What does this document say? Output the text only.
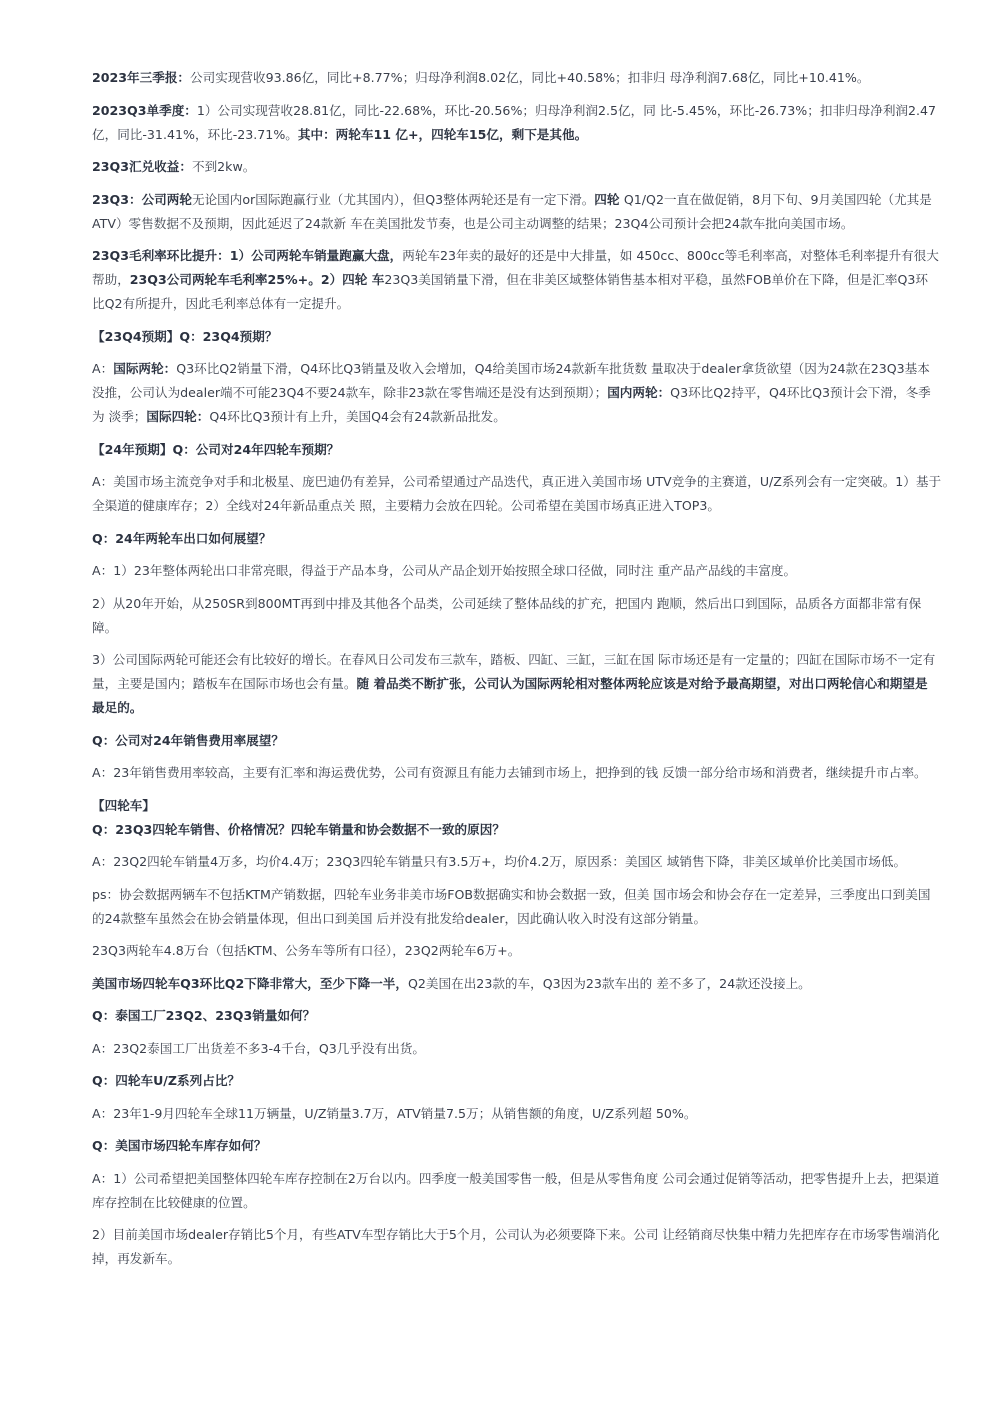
2023年三季报：公司实现营收93.86亿，同比+8.77%；归母净利润8.02亿，同比+40.58%；扣非归 母净利润7.68亿，同比+10.41%。
2023Q3单季度：1）公司实现营收28.81亿，同比-22.68%，环比-20.56%；归母净利润2.5亿，同 比-5.45%，环比-26.73%；扣非归母净利润2.47亿，同比-31.41%，环比-23.71%。其中：两轮车11 亿+，四轮车15亿，剩下是其他。
23Q3汇兑收益：不到2kw。
23Q3：公司两轮无论国内or国际跑赢行业（尤其国内），但Q3整体两轮还是有一定下滑。四轮 Q1/Q2一直在做促销，8月下旬、9月美国四轮（尤其是ATV）零售数据不及预期，因此延迟了24款新 车在美国批发节奏，也是公司主动调整的结果；23Q4公司预计会把24款车批向美国市场。
23Q3毛利率环比提升：1）公司两轮车销量跑赢大盘，两轮车23年卖的最好的还是中大排量，如 450cc、800cc等毛利率高，对整体毛利率提升有很大帮助，23Q3公司两轮车毛利率25%+。2）四轮 车23Q3美国销量下滑，但在非美区域整体销售基本相对平稳，虽然FOB单价在下降，但是汇率Q3环 比Q2有所提升，因此毛利率总体有一定提升。
【23Q4预期】Q：23Q4预期？
A：国际两轮：Q3环比Q2销量下滑，Q4环比Q3销量及收入会增加，Q4给美国市场24款新车批货数 量取决于dealer拿货欲望（因为24款在23Q3基本没推，公司认为dealer端不可能23Q4不要24款车，除非23款在零售端还是没有达到预期）；国内两轮：Q3环比Q2持平，Q4环比Q3预计会下滑，冬季为 淡季；国际四轮：Q4环比Q3预计有上升，美国Q4会有24款新品批发。
【24年预期】Q：公司对24年四轮车预期？
A：美国市场主流竞争对手和北极星、庞巴迪仍有差异，公司希望通过产品迭代，真正进入美国市场 UTV竞争的主赛道，U/Z系列会有一定突破。1）基于全渠道的健康库存；2）全线对24年新品重点关 照，主要精力会放在四轮。公司希望在美国市场真正进入TOP3。
Q：24年两轮车出口如何展望？
A：1）23年整体两轮出口非常亮眼，得益于产品本身，公司从产品企划开始按照全球口径做，同时注 重产品产品线的丰富度。
2）从20年开始，从250SR到800MT再到中排及其他各个品类，公司延续了整体品线的扩充，把国内 跑顺，然后出口到国际，品质各方面都非常有保障。
3）公司国际两轮可能还会有比较好的增长。在春风日公司发布三款车，踏板、四缸、三缸，三缸在国 际市场还是有一定量的；四缸在国际市场不一定有量，主要是国内；踏板车在国际市场也会有量。随 着品类不断扩张，公司认为国际两轮相对整体两轮应该是对给予最高期望，对出口两轮信心和期望是 最足的。
Q：公司对24年销售费用率展望？
A：23年销售费用率较高，主要有汇率和海运费优势，公司有资源且有能力去铺到市场上，把挣到的钱 反馈一部分给市场和消费者，继续提升市占率。
【四轮车】
Q：23Q3四轮车销售、价格情况？四轮车销量和协会数据不一致的原因？
A：23Q2四轮车销量4万多，均价4.4万；23Q3四轮车销量只有3.5万+，均价4.2万，原因系：美国区 域销售下降，非美区域单价比美国市场低。
ps：协会数据两辆车不包括KTM产销数据，四轮车业务非美市场FOB数据确实和协会数据一致，但美 国市场会和协会存在一定差异，三季度出口到美国的24款整车虽然会在协会销量体现，但出口到美国 后并没有批发给dealer，因此确认收入时没有这部分销量。
23Q3两轮车4.8万台（包括KTM、公务车等所有口径），23Q2两轮车6万+。
美国市场四轮车Q3环比Q2下降非常大，至少下降一半，Q2美国在出23款的车，Q3因为23款车出的 差不多了，24款还没接上。
Q：泰国工厂23Q2、23Q3销量如何？
A：23Q2泰国工厂出货差不多3-4千台，Q3几乎没有出货。
Q：四轮车U/Z系列占比？
A：23年1-9月四轮车全球11万辆量，U/Z销量3.7万，ATV销量7.5万；从销售额的角度，U/Z系列超 50%。
Q：美国市场四轮车库存如何？
A：1）公司希望把美国整体四轮车库存控制在2万台以内。四季度一般美国零售一般，但是从零售角度 公司会通过促销等活动，把零售提升上去，把渠道库存控制在比较健康的位置。
2）目前美国市场dealer存销比5个月，有些ATV车型存销比大于5个月，公司认为必须要降下来。公司 让经销商尽快集中精力先把库存在市场零售端消化掉，再发新车。
